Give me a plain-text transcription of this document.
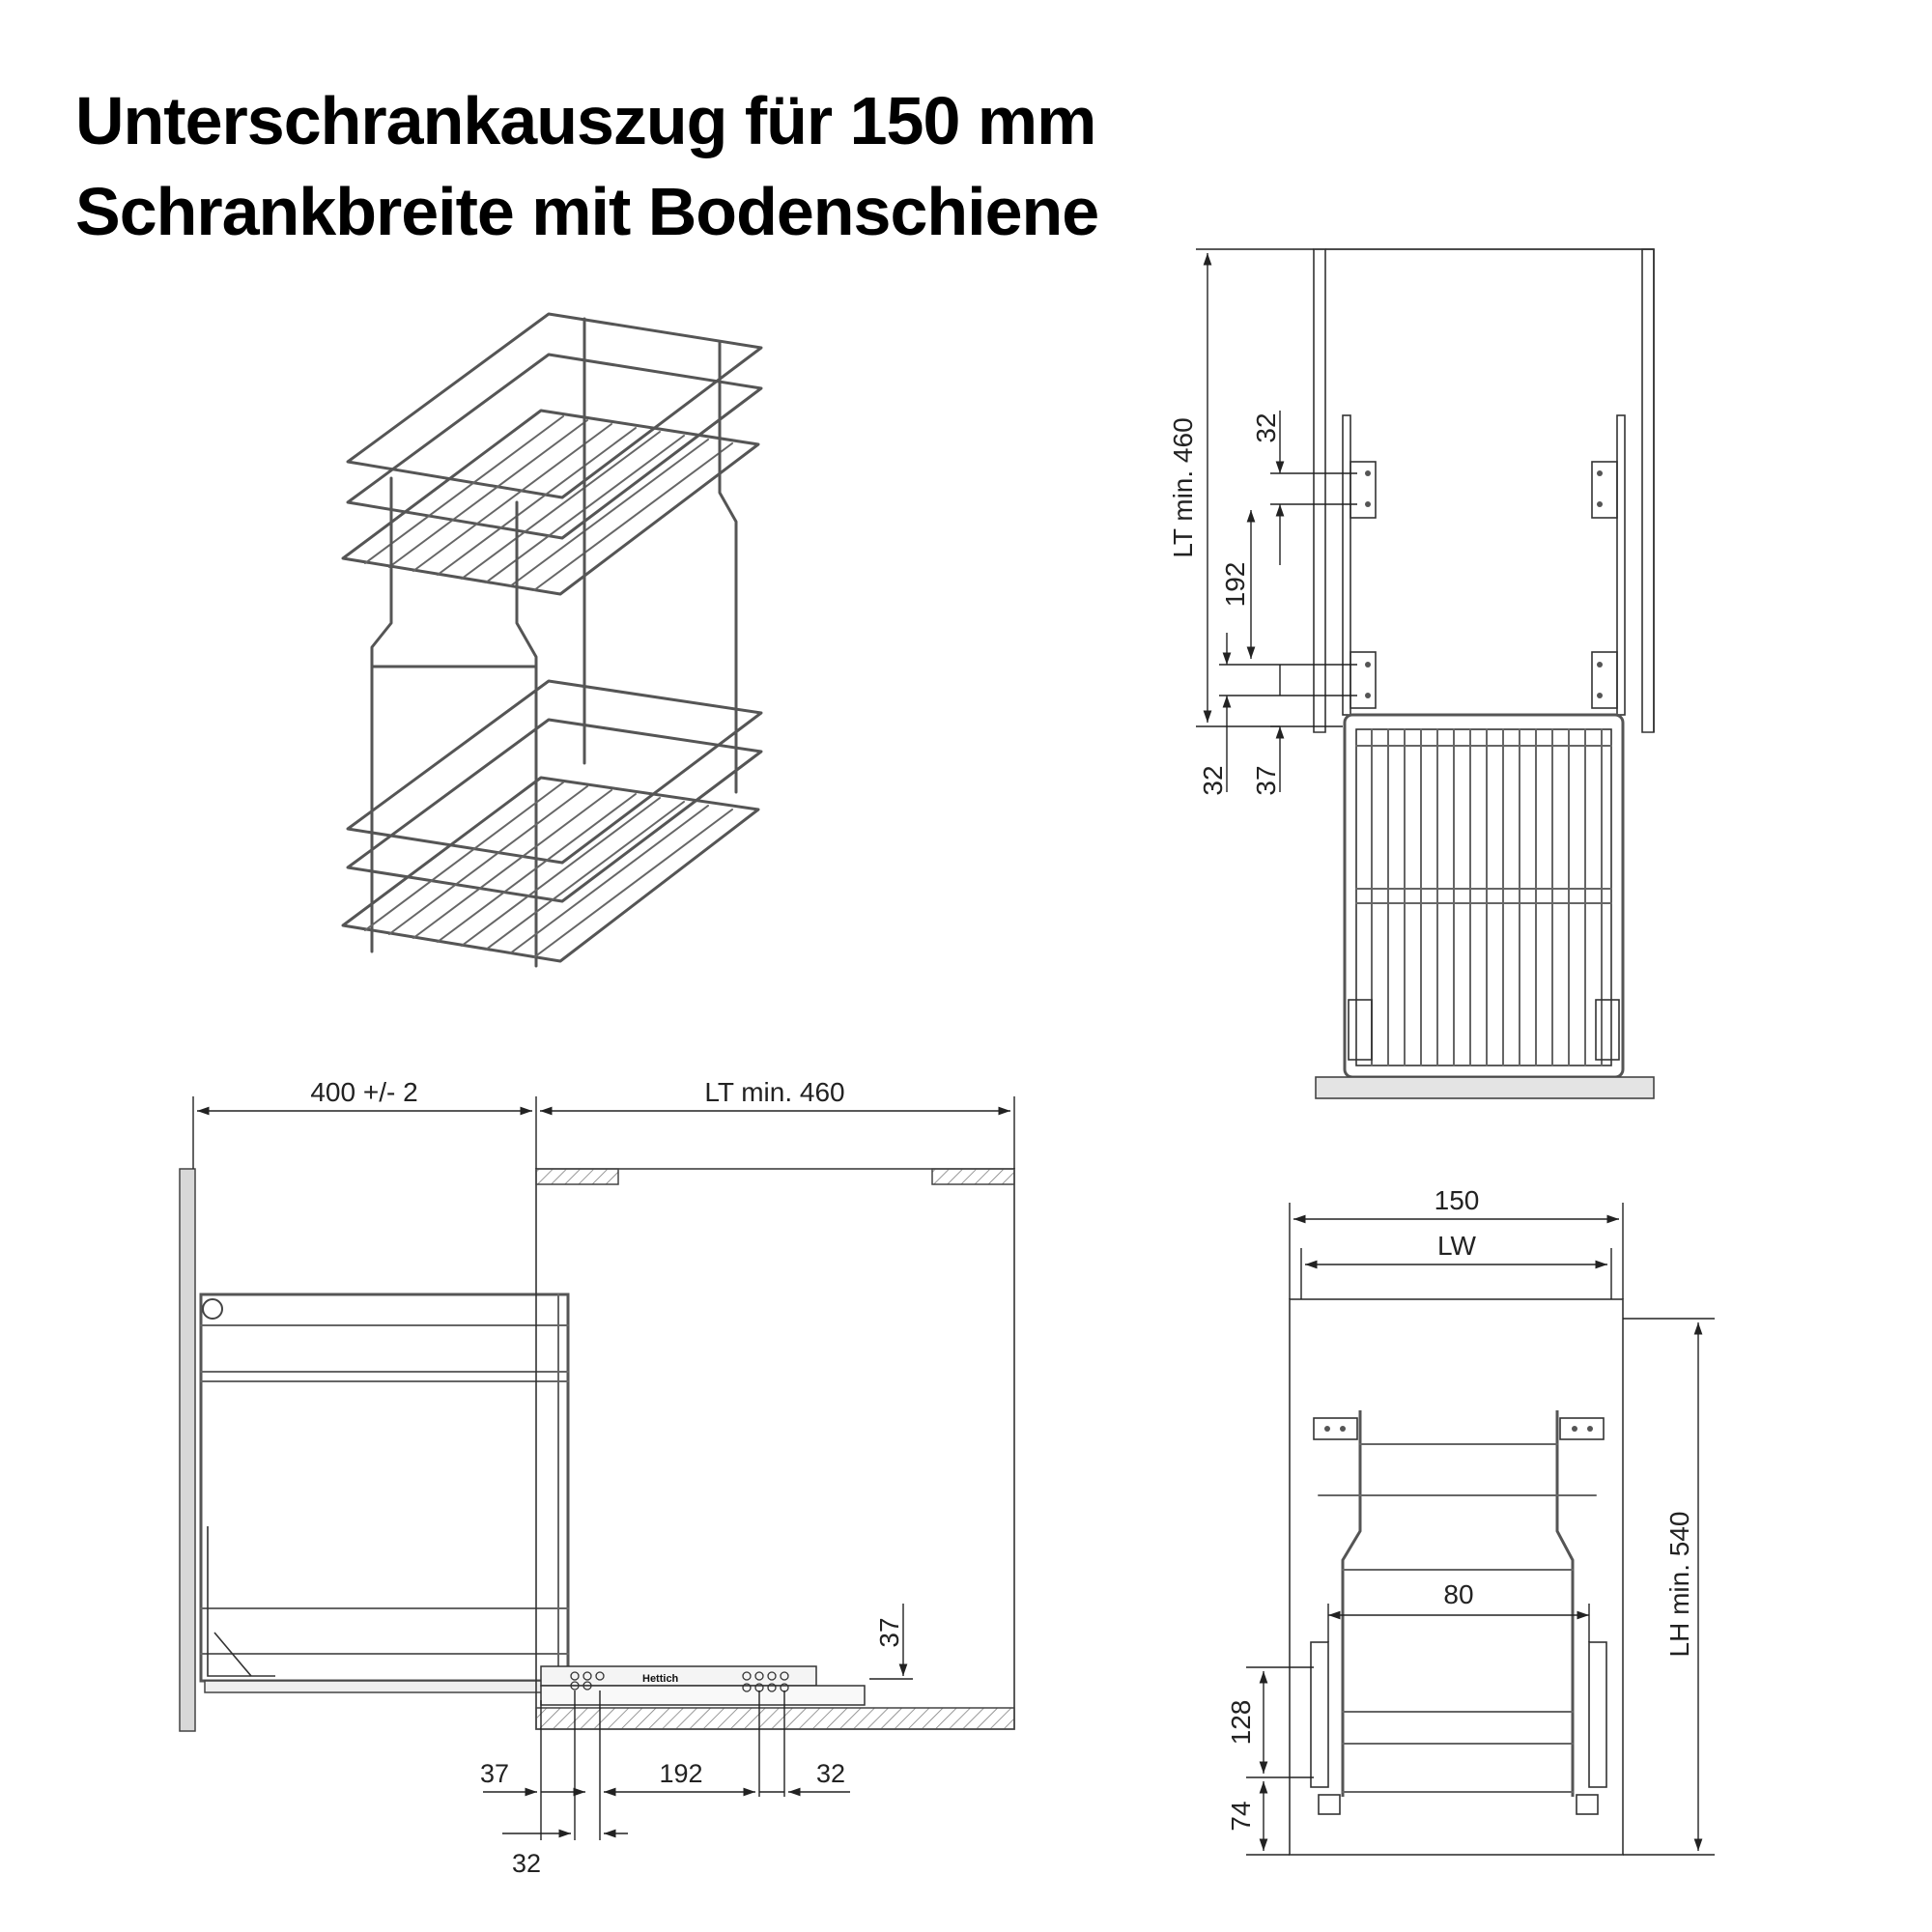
Unterschrankauszug für 150 mm
Schrankbreite mit Bodenschiene
LT min. 460 32
192
32 37
Hettich
400 +/- 2	LT min. 460
37
37	192	32
32
150
LW
LH min. 540
80
128
74
